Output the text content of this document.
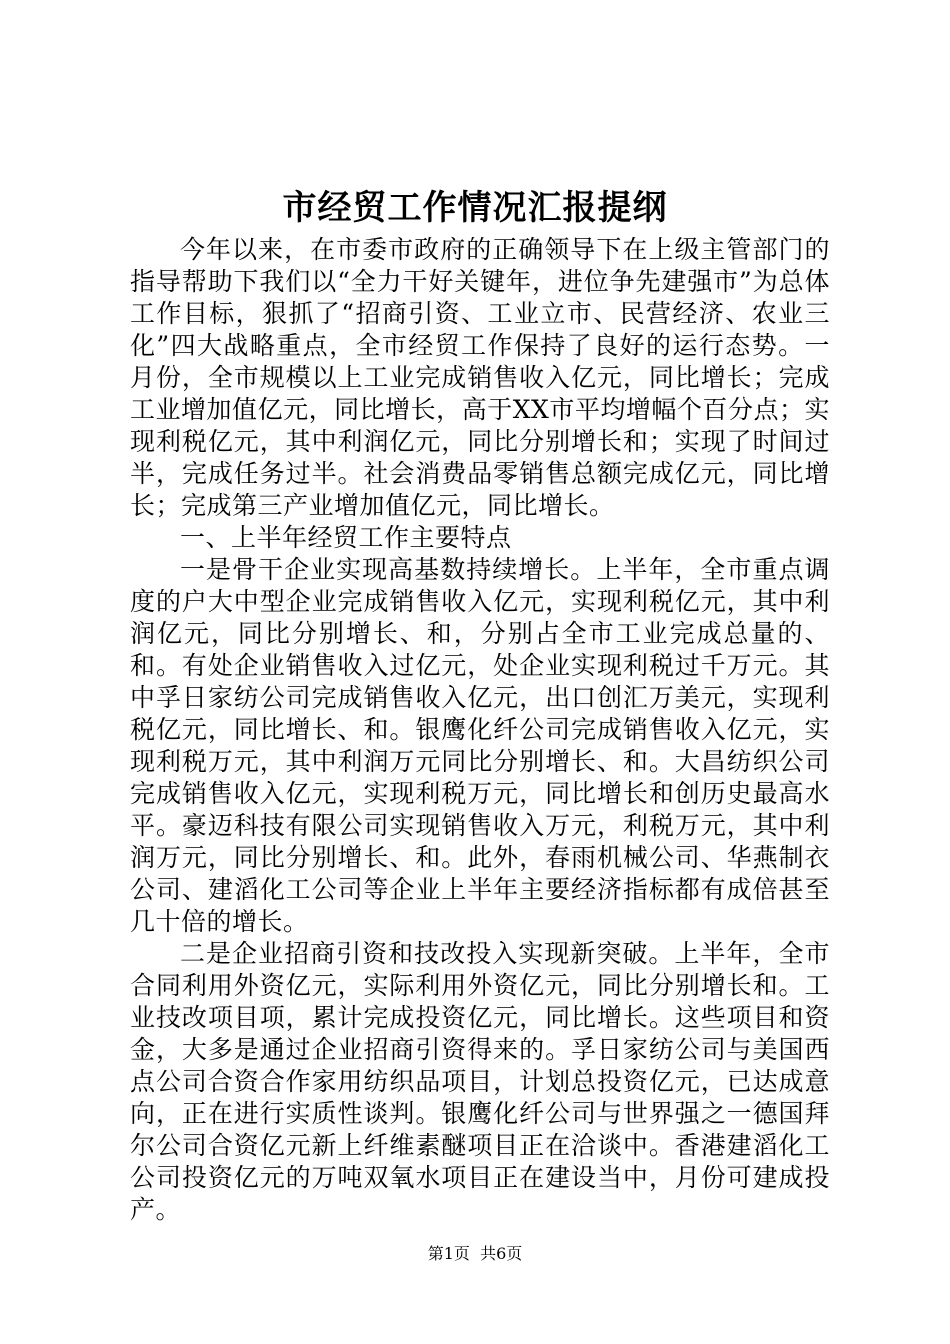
市经贸工作情况汇报提纲

今年以来，在市委市政府的正确领导下在上级主管部门的指导帮助下我们以“全力干好关键年，进位争先建强市”为总体工作目标，狠抓了“招商引资、工业立市、民营经济、农业三化”四大战略重点，全市经贸工作保持了良好的运行态势。一月份，全市规模以上工业完成销售收入亿元，同比增长；完成工业增加值亿元，同比增长，高于XX市平均增幅个百分点；实现利税亿元，其中利润亿元，同比分别增长和；实现了时间过半，完成任务过半。社会消费品零销售总额完成亿元，同比增长；完成第三产业增加值亿元，同比增长。

一、上半年经贸工作主要特点

一是骨干企业实现高基数持续增长。上半年，全市重点调度的户大中型企业完成销售收入亿元，实现利税亿元，其中利润亿元，同比分别增长、和，分别占全市工业完成总量的、和。有处企业销售收入过亿元，处企业实现利税过千万元。其中孚日家纺公司完成销售收入亿元，出口创汇万美元，实现利税亿元，同比增长、和。银鹰化纤公司完成销售收入亿元，实现利税万元，其中利润万元同比分别增长、和。大昌纺织公司完成销售收入亿元，实现利税万元，同比增长和创历史最高水平。豪迈科技有限公司实现销售收入万元，利税万元，其中利润万元，同比分别增长、和。此外，春雨机械公司、华燕制衣公司、建滔化工公司等企业上半年主要经济指标都有成倍甚至几十倍的增长。

二是企业招商引资和技改投入实现新突破。上半年，全市合同利用外资亿元，实际利用外资亿元，同比分别增长和。工业技改项目项，累计完成投资亿元，同比增长。这些项目和资金，大多是通过企业招商引资得来的。孚日家纺公司与美国西点公司合资合作家用纺织品项目，计划总投资亿元，已达成意向，正在进行实质性谈判。银鹰化纤公司与世界强之一德国拜尔公司合资亿元新上纤维素醚项目正在洽谈中。香港建滔化工公司投资亿元的万吨双氧水项目正在建设当中，月份可建成投产。

第1页 共6页
